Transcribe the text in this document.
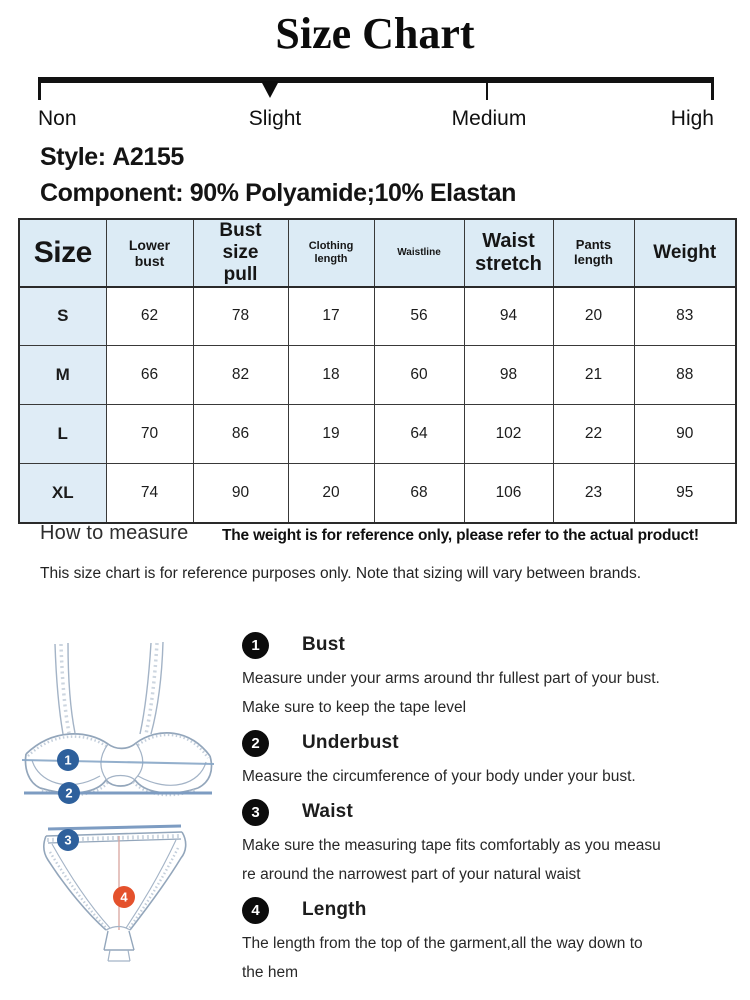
Size Chart
Non	Slight	Medium	High
Style: A2155
Component: 90% Polyamide;10% Elastan
Size	Lower bust	Bust size pull	Clothing length	Waistline	Waist stretch	Pants length	Weight
S	62	78	17	56	94	20	83
M	66	82	18	60	98	21	88
L	70	86	19	64	102	22	90
XL	74	90	20	68	106	23	95
How to measure The weight is for reference only, please refer to the actual product!
This size chart is for reference purposes only. Note that sizing will vary between brands.
1
2
3
4
1	Bust
Measure under your arms around thr fullest part of your bust.
Make sure to keep the tape level
2	Underbust
Measure the circumference of your body under your bust.
3	Waist
Make sure the measuring tape fits comfortably as you measu
re around the narrowest part of your natural waist
4	Length
The length from the top of the garment,all the way down to
the hem
